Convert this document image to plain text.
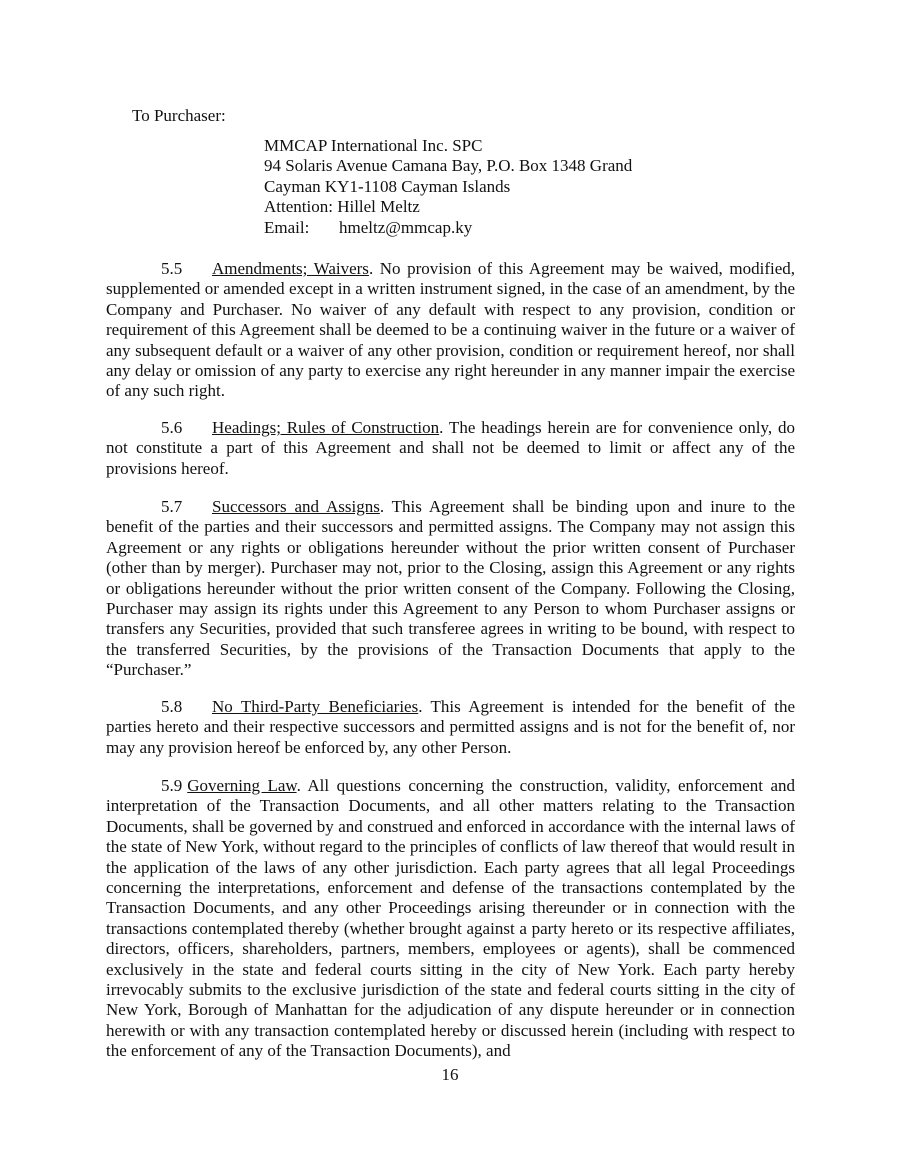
To Purchaser:
MMCAP International Inc. SPC
94 Solaris Avenue Camana Bay, P.O. Box 1348 Grand
Cayman KY1-1108 Cayman Islands
Attention: Hillel Meltz
Email: hmeltz@mmcap.ky

5.5 Amendments; Waivers. No provision of this Agreement may be waived, modified, supplemented or amended except in a written instrument signed, in the case of an amendment, by the Company and Purchaser. No waiver of any default with respect to any provision, condition or requirement of this Agreement shall be deemed to be a continuing waiver in the future or a waiver of any subsequent default or a waiver of any other provision, condition or requirement hereof, nor shall any delay or omission of any party to exercise any right hereunder in any manner impair the exercise of any such right.

5.6 Headings; Rules of Construction. The headings herein are for convenience only, do not constitute a part of this Agreement and shall not be deemed to limit or affect any of the provisions hereof.

5.7 Successors and Assigns. This Agreement shall be binding upon and inure to the benefit of the parties and their successors and permitted assigns. The Company may not assign this Agreement or any rights or obligations hereunder without the prior written consent of Purchaser (other than by merger). Purchaser may not, prior to the Closing, assign this Agreement or any rights or obligations hereunder without the prior written consent of the Company. Following the Closing, Purchaser may assign its rights under this Agreement to any Person to whom Purchaser assigns or transfers any Securities, provided that such transferee agrees in writing to be bound, with respect to the transferred Securities, by the provisions of the Transaction Documents that apply to the “Purchaser.”

5.8 No Third-Party Beneficiaries. This Agreement is intended for the benefit of the parties hereto and their respective successors and permitted assigns and is not for the benefit of, nor may any provision hereof be enforced by, any other Person.

5.9 Governing Law. All questions concerning the construction, validity, enforcement and interpretation of the Transaction Documents, and all other matters relating to the Transaction Documents, shall be governed by and construed and enforced in accordance with the internal laws of the state of New York, without regard to the principles of conflicts of law thereof that would result in the application of the laws of any other jurisdiction. Each party agrees that all legal Proceedings concerning the interpretations, enforcement and defense of the transactions contemplated by the Transaction Documents, and any other Proceedings arising thereunder or in connection with the transactions contemplated thereby (whether brought against a party hereto or its respective affiliates, directors, officers, shareholders, partners, members, employees or agents), shall be commenced exclusively in the state and federal courts sitting in the city of New York. Each party hereby irrevocably submits to the exclusive jurisdiction of the state and federal courts sitting in the city of New York, Borough of Manhattan for the adjudication of any dispute hereunder or in connection herewith or with any transaction contemplated hereby or discussed herein (including with respect to the enforcement of any of the Transaction Documents), and

16
